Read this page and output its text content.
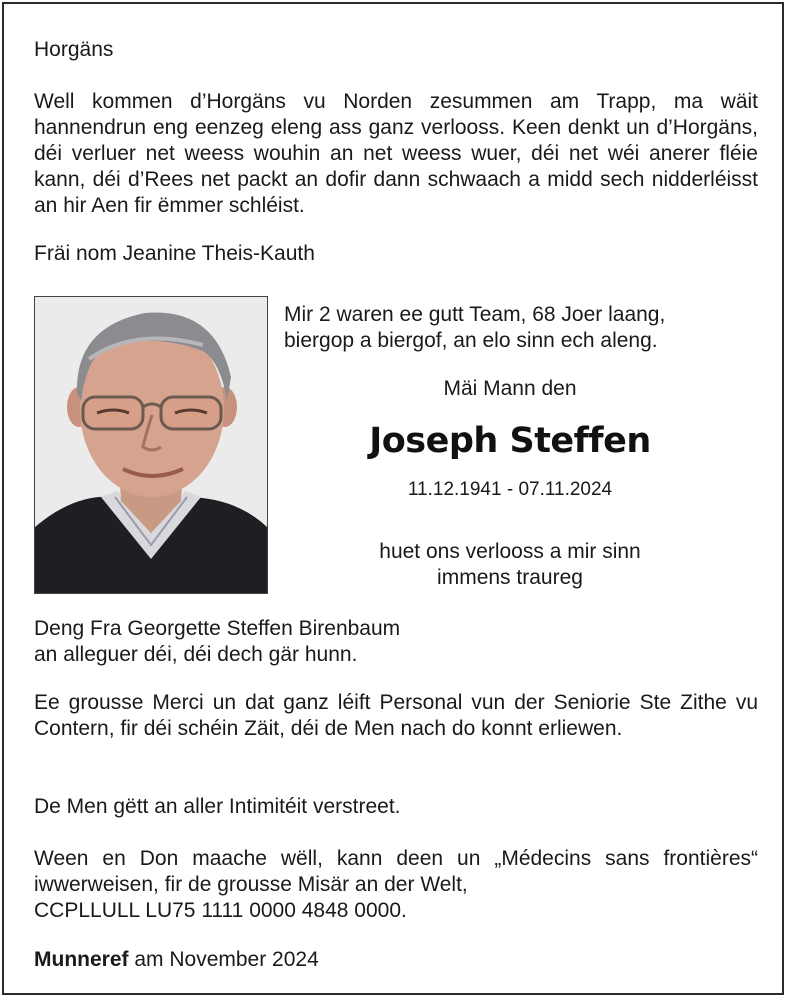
Horgäns
Well kommen d’Horgäns vu Norden zesummen am Trapp, ma wäit hannendrun eng eenzeg eleng ass ganz verlooss. Keen denkt un d’Horgäns, déi verluer net weess wouhin an net weess wuer, déi net wéi anerer fléie kann, déi d’Rees net packt an dofir dann schwaach a midd sech nidderléisst an hir Aen fir ëmmer schléist.
Fräi nom Jeanine Theis-Kauth
Mir 2 waren ee gutt Team, 68 Joer laang,
biergop a biergof, an elo sinn ech aleng.
Mäi Mann den
Joseph Steffen
11.12.1941 - 07.11.2024
huet ons verlooss a mir sinn
immens traureg
Deng Fra Georgette Steffen Birenbaum
an alleguer déi, déi dech gär hunn.
Ee grousse Merci un dat ganz léift Personal vun der Seniorie Ste Zithe vu Contern, fir déi schéin Zäit, déi de Men nach do konnt erliewen.
De Men gëtt an aller Intimitéit verstreet.
Ween en Don maache wëll, kann deen un „Médecins sans frontières“ iwwerweisen, fir de grousse Misär an der Welt,
CCPLLULL LU75 1111 0000 4848 0000.
Munneref am November 2024
